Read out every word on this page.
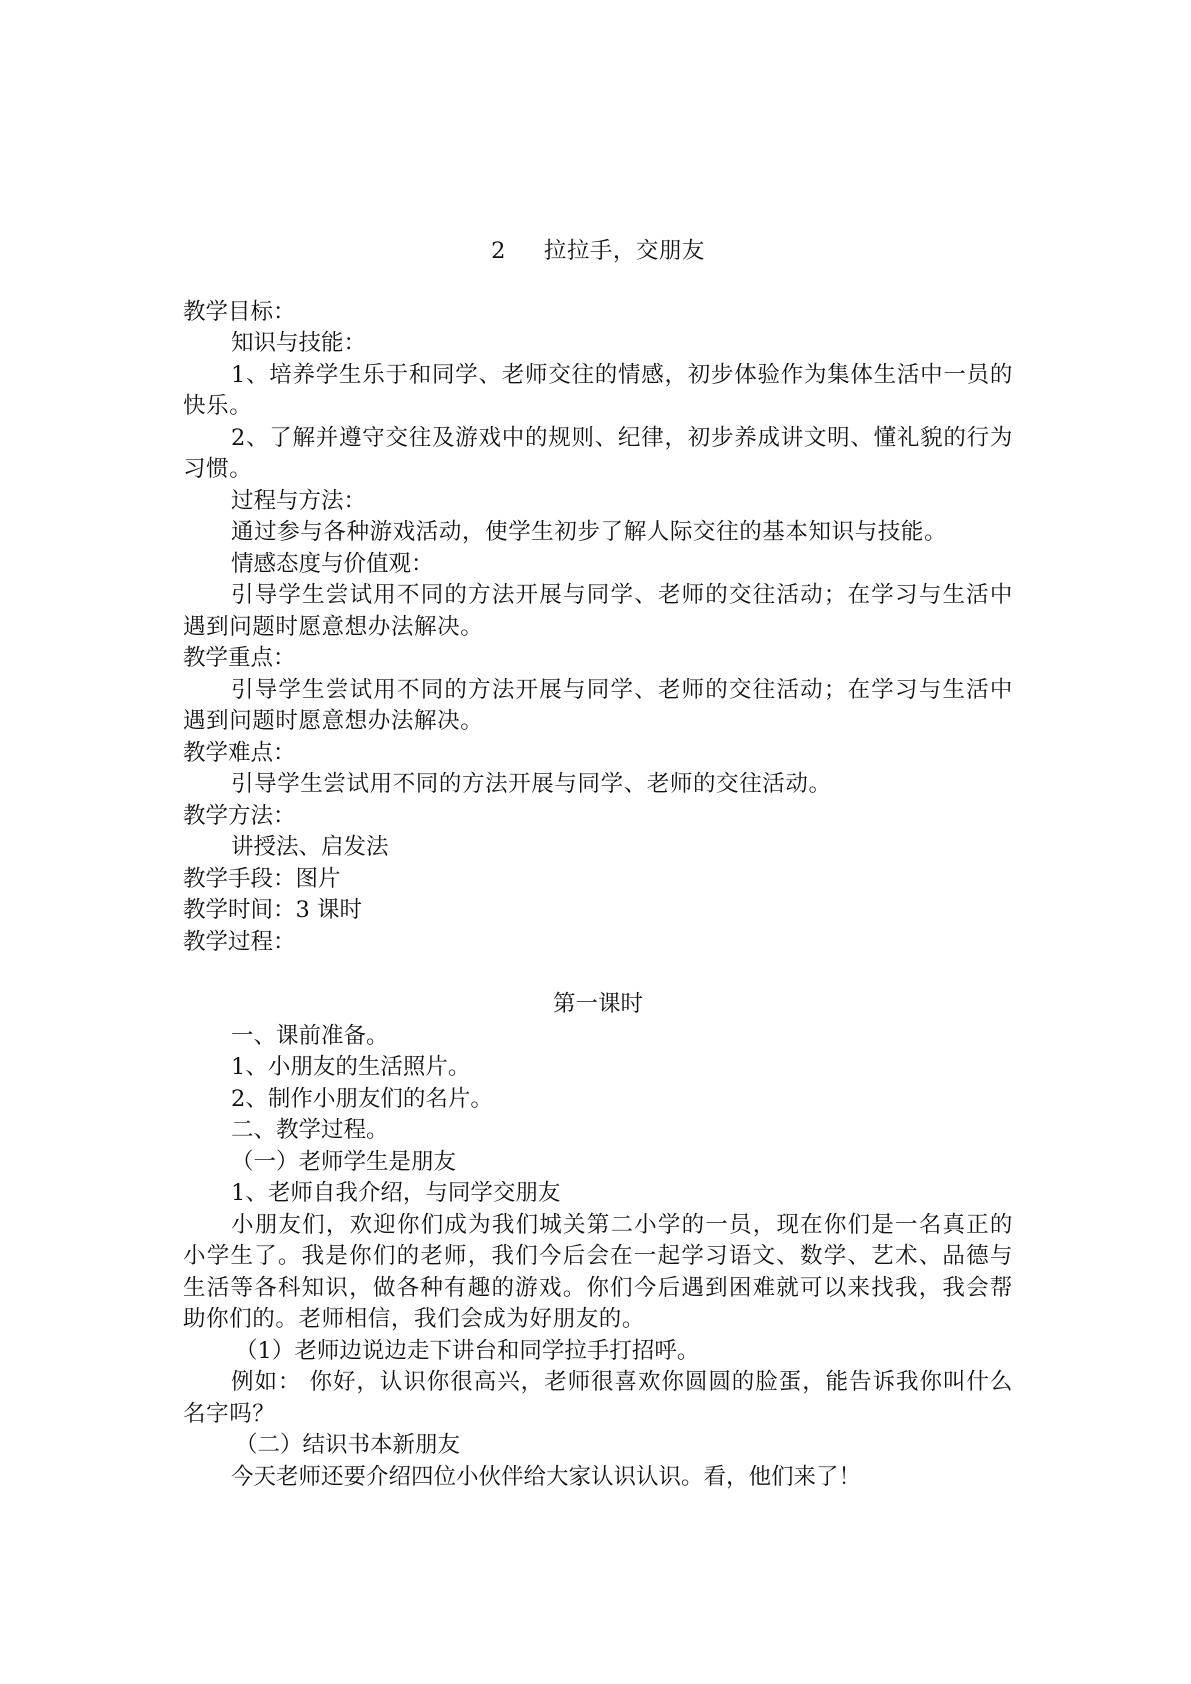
2 拉拉手，交朋友
教学目标：
知识与技能：
1、培养学生乐于和同学、老师交往的情感，初步体验作为集体生活中一员的快乐。
2、了解并遵守交往及游戏中的规则、纪律，初步养成讲文明、懂礼貌的行为习惯。
过程与方法：
通过参与各种游戏活动，使学生初步了解人际交往的基本知识与技能。
情感态度与价值观：
引导学生尝试用不同的方法开展与同学、老师的交往活动；在学习与生活中遇到问题时愿意想办法解决。
教学重点：
引导学生尝试用不同的方法开展与同学、老师的交往活动；在学习与生活中遇到问题时愿意想办法解决。
教学难点：
引导学生尝试用不同的方法开展与同学、老师的交往活动。
教学方法：
讲授法、启发法
教学手段：图片
教学时间：3 课时
教学过程：
第一课时
一、课前准备。
1、小朋友的生活照片。
2、制作小朋友们的名片。
二、教学过程。
（一）老师学生是朋友
1、老师自我介绍，与同学交朋友
小朋友们，欢迎你们成为我们城关第二小学的一员，现在你们是一名真正的小学生了。我是你们的老师，我们今后会在一起学习语文、数学、艺术、品德与生活等各科知识，做各种有趣的游戏。你们今后遇到困难就可以来找我，我会帮助你们的。老师相信，我们会成为好朋友的。
（1）老师边说边走下讲台和同学拉手打招呼。
例如： 你好，认识你很高兴，老师很喜欢你圆圆的脸蛋，能告诉我你叫什么名字吗？
（二）结识书本新朋友
今天老师还要介绍四位小伙伴给大家认识认识。看，他们来了！
